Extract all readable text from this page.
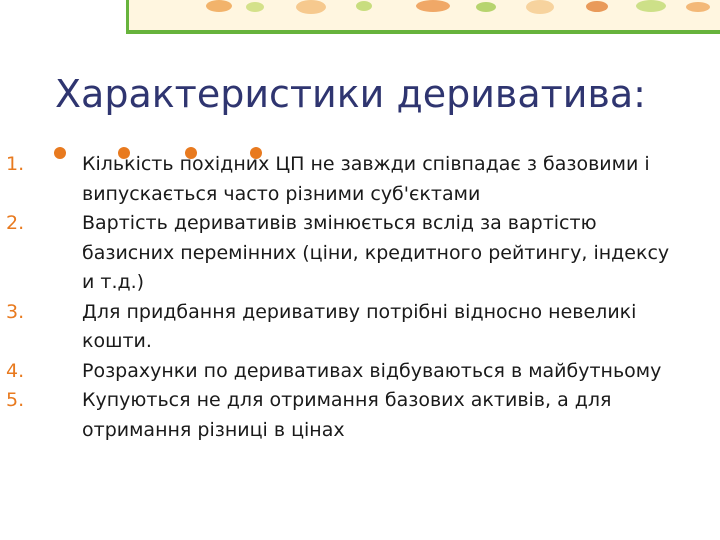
Характеристики деривативa:
1.	Кількість похідних ЦП не завжди співпадає з базовими і випускається часто різними суб'єктами
2.	Вартість деривативів змінюється вслід за вартістю базисних перемінних (ціни, кредитного рейтингу, індексу и т.д.)
3.	Для придбання деривативу потрібні відносно невеликі кошти.
4.	Розрахунки по деривативах відбуваються в майбутньому
5.	Купуються не для отримання базових активів, а для отримання різниці в цінах
